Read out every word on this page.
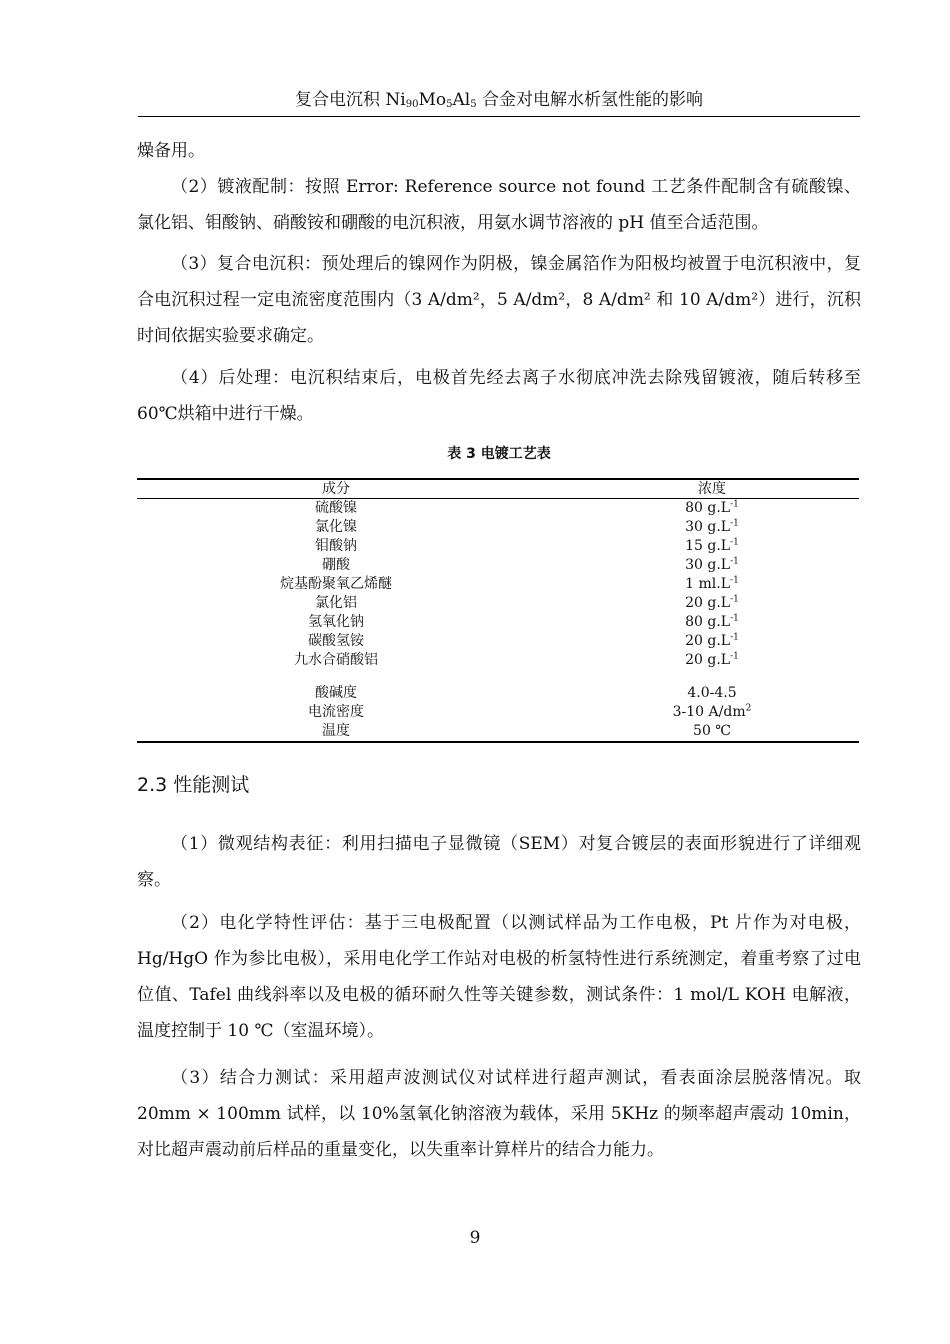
复合电沉积 $Ni_{90}Mo_5Al_5$ 合金对电解水析氢性能的影响
燥备用。
（2）镀液配制：按照 Error: Reference source not found 工艺条件配制含有硫酸镍、氯化铝、钼酸钠、硝酸铵和硼酸的电沉积液，用氨水调节溶液的 pH 值至合适范围。
（3）复合电沉积：预处理后的镍网作为阴极，镍金属箔作为阳极均被置于电沉积液中，复合电沉积过程一定电流密度范围内（3 A/dm²，5 A/dm²，8 A/dm² 和 10 A/dm²）进行，沉积时间依据实验要求确定。
（4）后处理：电沉积结束后，电极首先经去离子水彻底冲洗去除残留镀液，随后转移至 60℃烘箱中进行干燥。
表 3 电镀工艺表
成分	浓度
硫酸镍	80 $g.L^{-1}$
氯化镍	30 $g.L^{-1}$
钼酸钠	15 $g.L^{-1}$
硼酸	30 $g.L^{-1}$
烷基酚聚氧乙烯醚	1 $ml.L^{-1}$
氯化铝	20 $g.L^{-1}$
氢氧化钠	80 $g.L^{-1}$
碳酸氢铵	20 $g.L^{-1}$
九水合硝酸铝	20 $g.L^{-1}$

酸碱度	4.0-4.5
电流密度	3-10 $A/dm^2$
温度	50 ℃
2.3 性能测试
（1）微观结构表征：利用扫描电子显微镜（SEM）对复合镀层的表面形貌进行了详细观察。
（2）电化学特性评估：基于三电极配置（以测试样品为工作电极，Pt 片作为对电极，Hg/HgO 作为参比电极），采用电化学工作站对电极的析氢特性进行系统测定，着重考察了过电位值、Tafel 曲线斜率以及电极的循环耐久性等关键参数，测试条件：1 mol/L KOH 电解液，温度控制于 10 ℃（室温环境）。
（3）结合力测试：采用超声波测试仪对试样进行超声测试，看表面涂层脱落情况。取 20mm × 100mm 试样，以 10%氢氧化钠溶液为载体，采用 5KHz 的频率超声震动 10min，对比超声震动前后样品的重量变化，以失重率计算样片的结合力能力。
9
